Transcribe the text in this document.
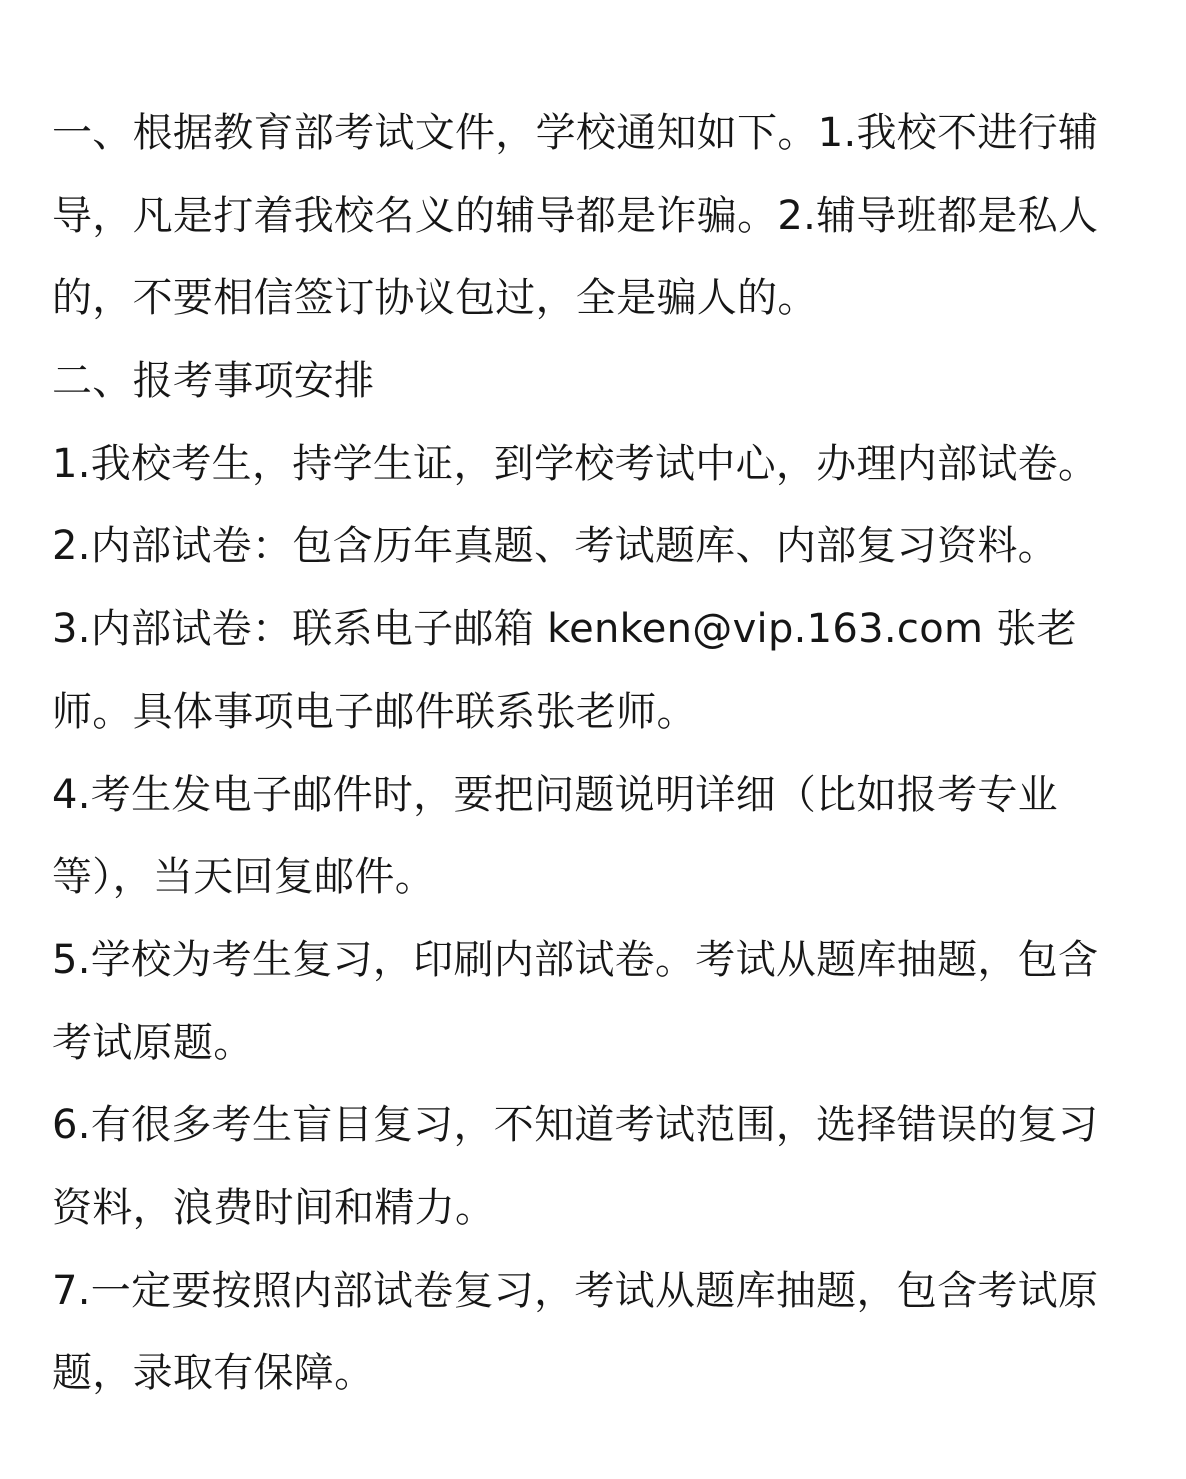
一、根据教育部考试文件，学校通知如下。1.我校不进行辅
导，凡是打着我校名义的辅导都是诈骗。2.辅导班都是私人
的，不要相信签订协议包过，全是骗人的。
二、报考事项安排
1.我校考生，持学生证，到学校考试中心，办理内部试卷。
2.内部试卷：包含历年真题、考试题库、内部复习资料。
3.内部试卷：联系电子邮箱 kenken@vip.163.com 张老
师。具体事项电子邮件联系张老师。
4.考生发电子邮件时，要把问题说明详细（比如报考专业
等），当天回复邮件。
5.学校为考生复习，印刷内部试卷。考试从题库抽题，包含
考试原题。
6.有很多考生盲目复习，不知道考试范围，选择错误的复习
资料，浪费时间和精力。
7.一定要按照内部试卷复习，考试从题库抽题，包含考试原
题，录取有保障。
